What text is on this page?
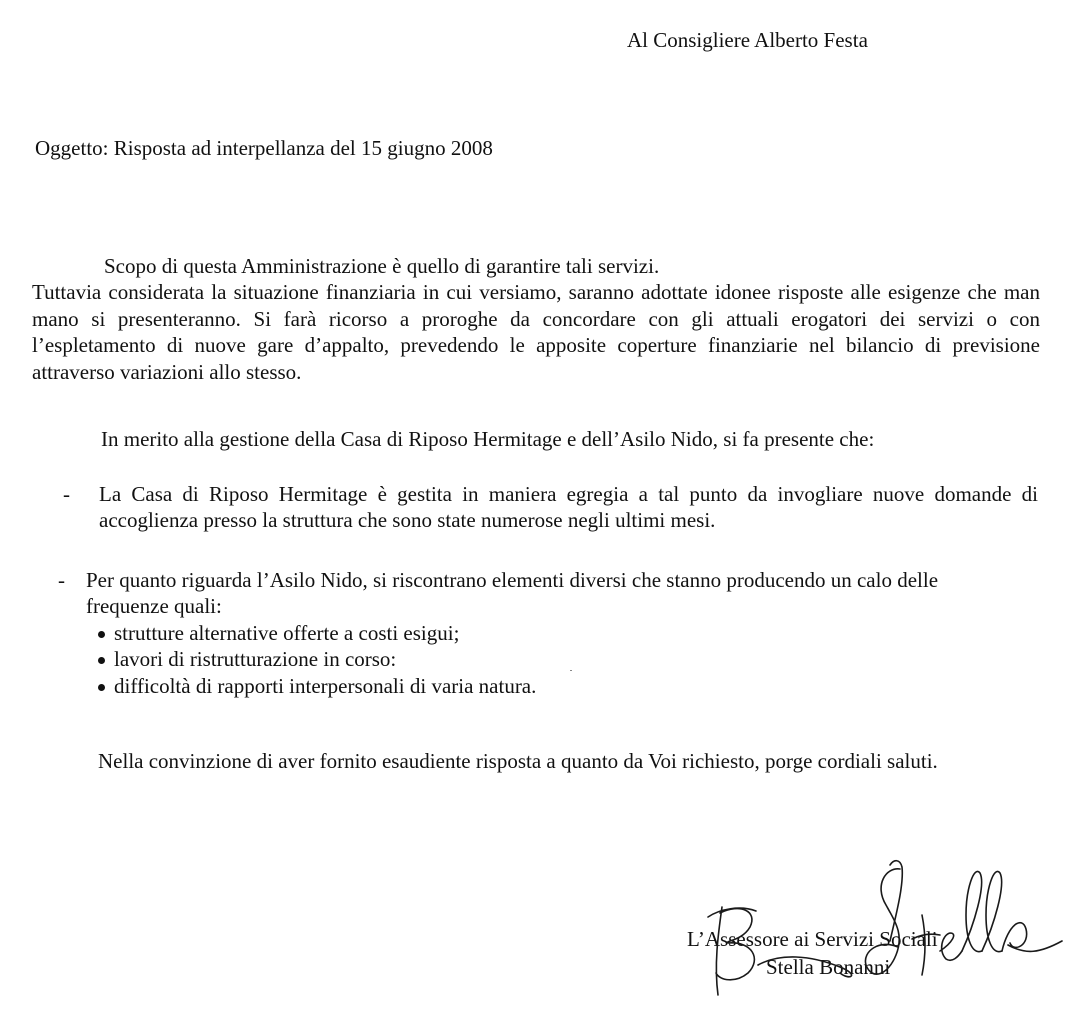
Al Consigliere Alberto Festa
Oggetto: Risposta ad interpellanza del 15 giugno 2008
Scopo di questa Amministrazione è quello di garantire tali servizi.
Tuttavia considerata la situazione finanziaria in cui versiamo, saranno adottate idonee risposte alle esigenze che man mano si presenteranno. Si farà ricorso a proroghe da concordare con gli attuali erogatori dei servizi o con l’espletamento di nuove gare d’appalto, prevedendo le apposite coperture finanziarie nel bilancio di previsione attraverso variazioni allo stesso.
In merito alla gestione della Casa di Riposo Hermitage e dell’Asilo Nido, si fa presente che:
- La Casa di Riposo Hermitage è gestita in maniera egregia a tal punto da invogliare nuove domande di accoglienza presso la struttura che sono state numerose negli ultimi mesi.
- Per quanto riguarda l’Asilo Nido, si riscontrano elementi diversi che stanno producendo un calo delle frequenze quali:
strutture alternative offerte a costi esigui;
lavori di ristrutturazione in corso:
difficoltà di rapporti interpersonali di varia natura.
Nella convinzione di aver fornito esaudiente risposta a quanto da Voi richiesto, porge cordiali saluti.
L’Assessore ai Servizi Sociali
Stella Bonanni
